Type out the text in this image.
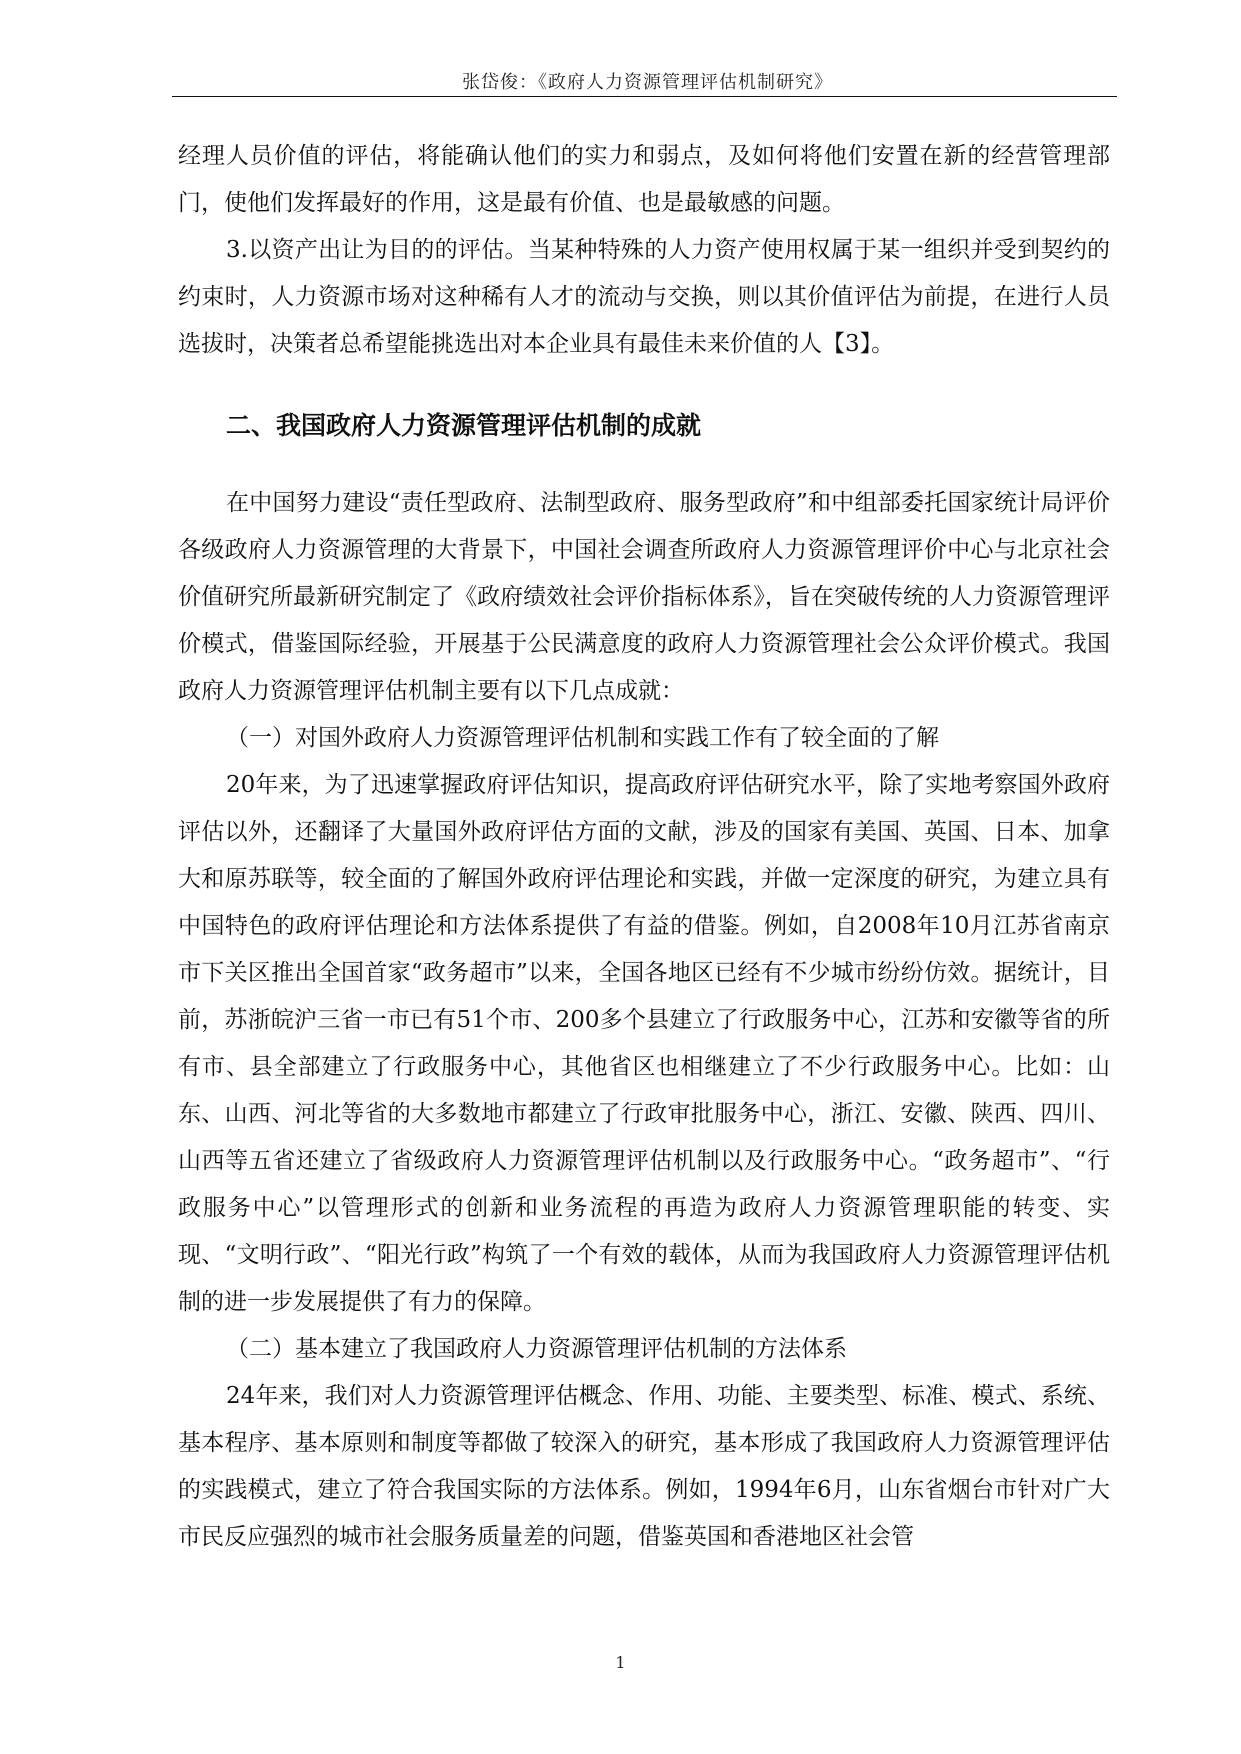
张岱俊：《政府人力资源管理评估机制研究》

经理人员价值的评估，将能确认他们的实力和弱点，及如何将他们安置在新的经营管理部门，使他们发挥最好的作用，这是最有价值、也是最敏感的问题。

3.以资产出让为目的的评估。当某种特殊的人力资产使用权属于某一组织并受到契约的约束时，人力资源市场对这种稀有人才的流动与交换，则以其价值评估为前提，在进行人员选拔时，决策者总希望能挑选出对本企业具有最佳未来价值的人【3】。

二、我国政府人力资源管理评估机制的成就

在中国努力建设“责任型政府、法制型政府、服务型政府”和中组部委托国家统计局评价各级政府人力资源管理的大背景下，中国社会调查所政府人力资源管理评价中心与北京社会价值研究所最新研究制定了《政府绩效社会评价指标体系》，旨在突破传统的人力资源管理评价模式，借鉴国际经验，开展基于公民满意度的政府人力资源管理社会公众评价模式。我国政府人力资源管理评估机制主要有以下几点成就：

（一）对国外政府人力资源管理评估机制和实践工作有了较全面的了解

20年来，为了迅速掌握政府评估知识，提高政府评估研究水平，除了实地考察国外政府评估以外，还翻译了大量国外政府评估方面的文献，涉及的国家有美国、英国、日本、加拿大和原苏联等，较全面的了解国外政府评估理论和实践，并做一定深度的研究，为建立具有中国特色的政府评估理论和方法体系提供了有益的借鉴。例如，自2008年10月江苏省南京市下关区推出全国首家“政务超市”以来，全国各地区已经有不少城市纷纷仿效。据统计，目前，苏浙皖沪三省一市已有51个市、200多个县建立了行政服务中心，江苏和安徽等省的所有市、县全部建立了行政服务中心，其他省区也相继建立了不少行政服务中心。比如：山东、山西、河北等省的大多数地市都建立了行政审批服务中心，浙江、安徽、陕西、四川、山西等五省还建立了省级政府人力资源管理评估机制以及行政服务中心。“政务超市”、“行政服务中心”以管理形式的创新和业务流程的再造为政府人力资源管理职能的转变、实现、“文明行政”、“阳光行政”构筑了一个有效的载体，从而为我国政府人力资源管理评估机制的进一步发展提供了有力的保障。

（二）基本建立了我国政府人力资源管理评估机制的方法体系

24年来，我们对人力资源管理评估概念、作用、功能、主要类型、标准、模式、系统、基本程序、基本原则和制度等都做了较深入的研究，基本形成了我国政府人力资源管理评估的实践模式，建立了符合我国实际的方法体系。例如，1994年6月，山东省烟台市针对广大市民反应强烈的城市社会服务质量差的问题，借鉴英国和香港地区社会管

1
